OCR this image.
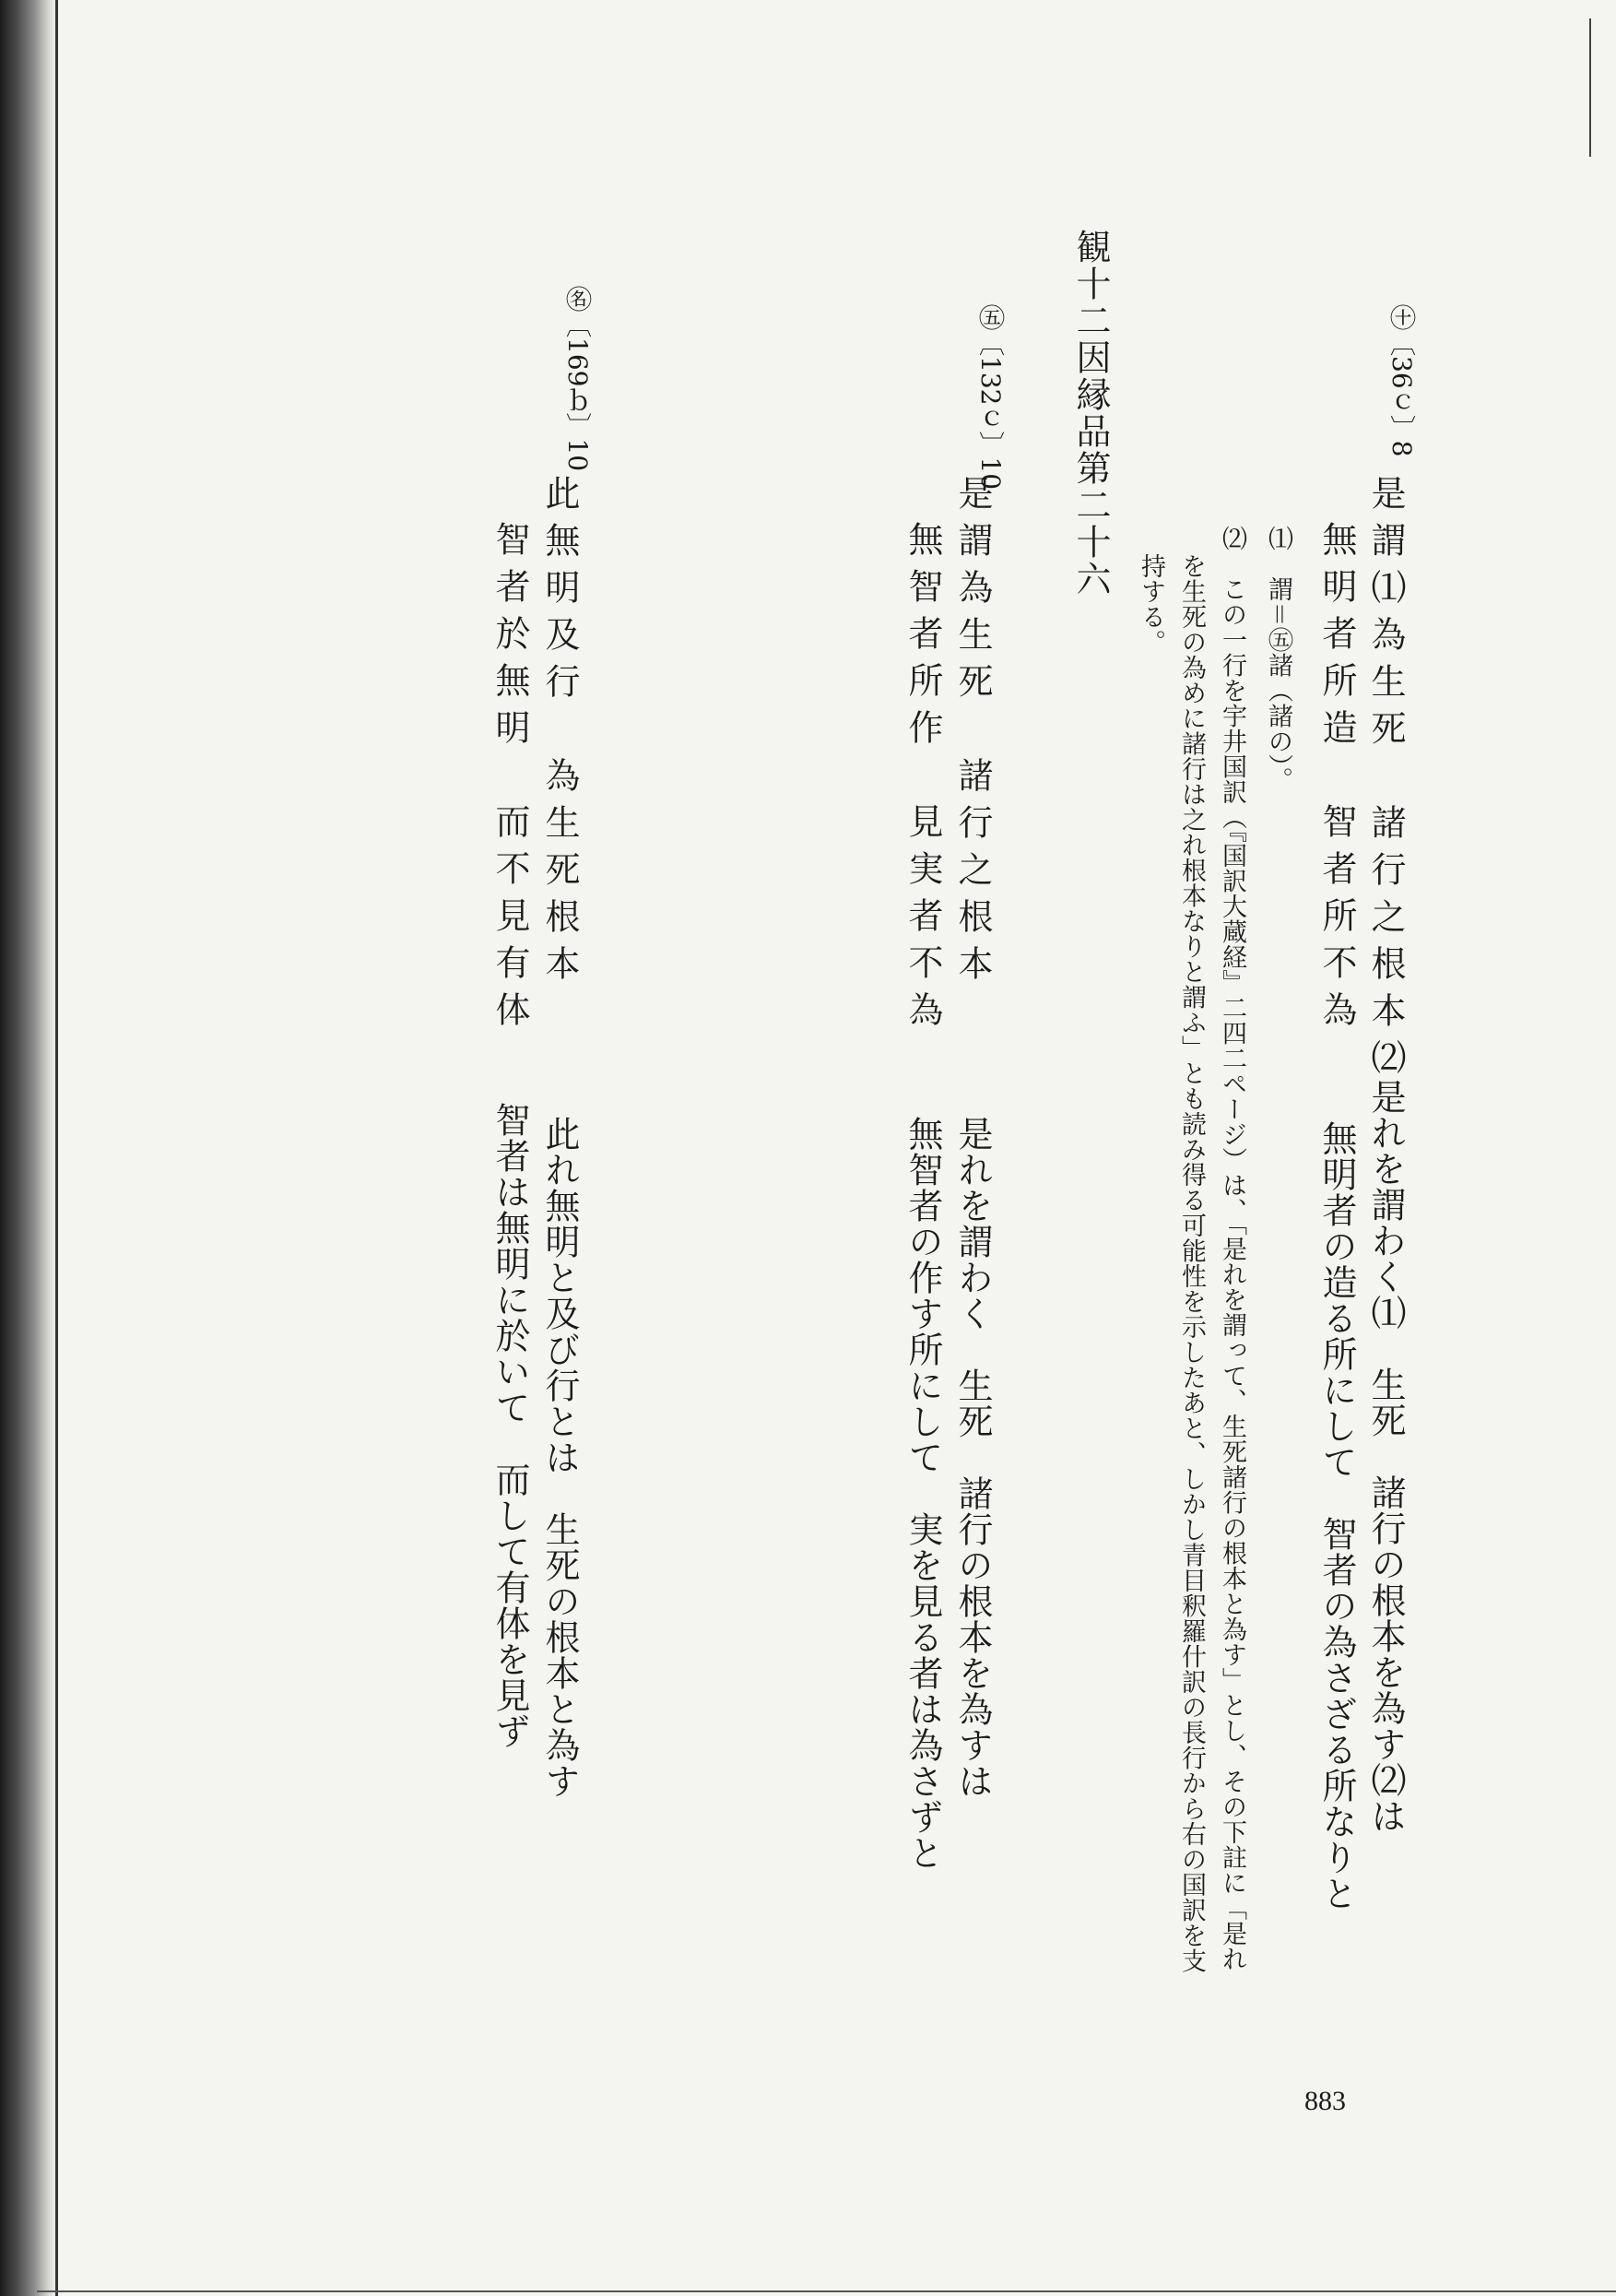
観十二因縁品第二十六	㊉〔36ｃ〕8
是謂⑴為生死　諸行之根本⑵
無明者所造　智者所不為
⑴　謂＝㊄諸（諸の）。
⑵　この一行を宇井国訳（『国訳大蔵経』二四二ページ）は、「是れを謂って、生死諸行の根本と為す」とし、その下註に「是れ
を生死の為めに諸行は之れ根本なりと謂ふ」とも読み得る可能性を示したあと、しかし青目釈羅什訳の長行から右の国訳を支
持する。
㊄〔132ｃ〕10
是謂為生死　諸行之根本
無智者所作　見実者不為
㊔〔169ｂ〕10
此無明及行　為生死根本
智者於無明　而不見有体
是れを謂わく⑴　生死　諸行の根本を為す⑵は
無明者の造る所にして　智者の為さざる所なりと
是れを謂わく　生死　諸行の根本を為すは
無智者の作す所にして　実を見る者は為さずと
此れ無明と及び行とは　生死の根本と為す
智者は無明に於いて　而して有体を見ず
883
